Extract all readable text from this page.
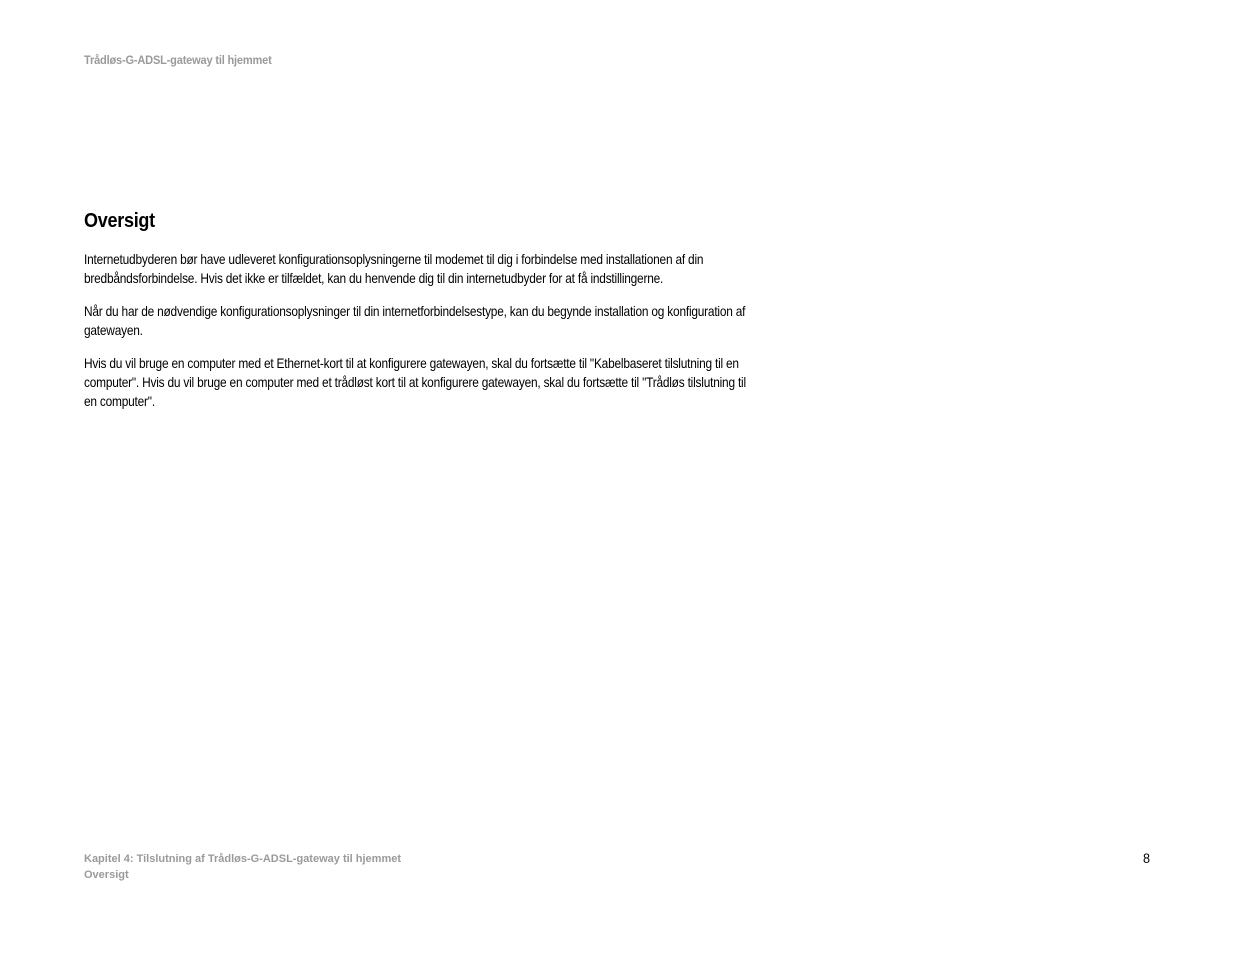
Trådløs-G-ADSL-gateway til hjemmet
Oversigt

Internetudbyderen bør have udleveret konfigurationsoplysningerne til modemet til dig i forbindelse med installationen af din bredbåndsforbindelse. Hvis det ikke er tilfældet, kan du henvende dig til din internetudbyder for at få indstillingerne.

Når du har de nødvendige konfigurationsoplysninger til din internetforbindelsestype, kan du begynde installation og konfiguration af gatewayen.

Hvis du vil bruge en computer med et Ethernet-kort til at konfigurere gatewayen, skal du fortsætte til "Kabelbaseret tilslutning til en computer". Hvis du vil bruge en computer med et trådløst kort til at konfigurere gatewayen, skal du fortsætte til "Trådløs tilslutning til en computer".

Kapitel 4: Tilslutning af Trådløs-G-ADSL-gateway til hjemmet
Oversigt
8
